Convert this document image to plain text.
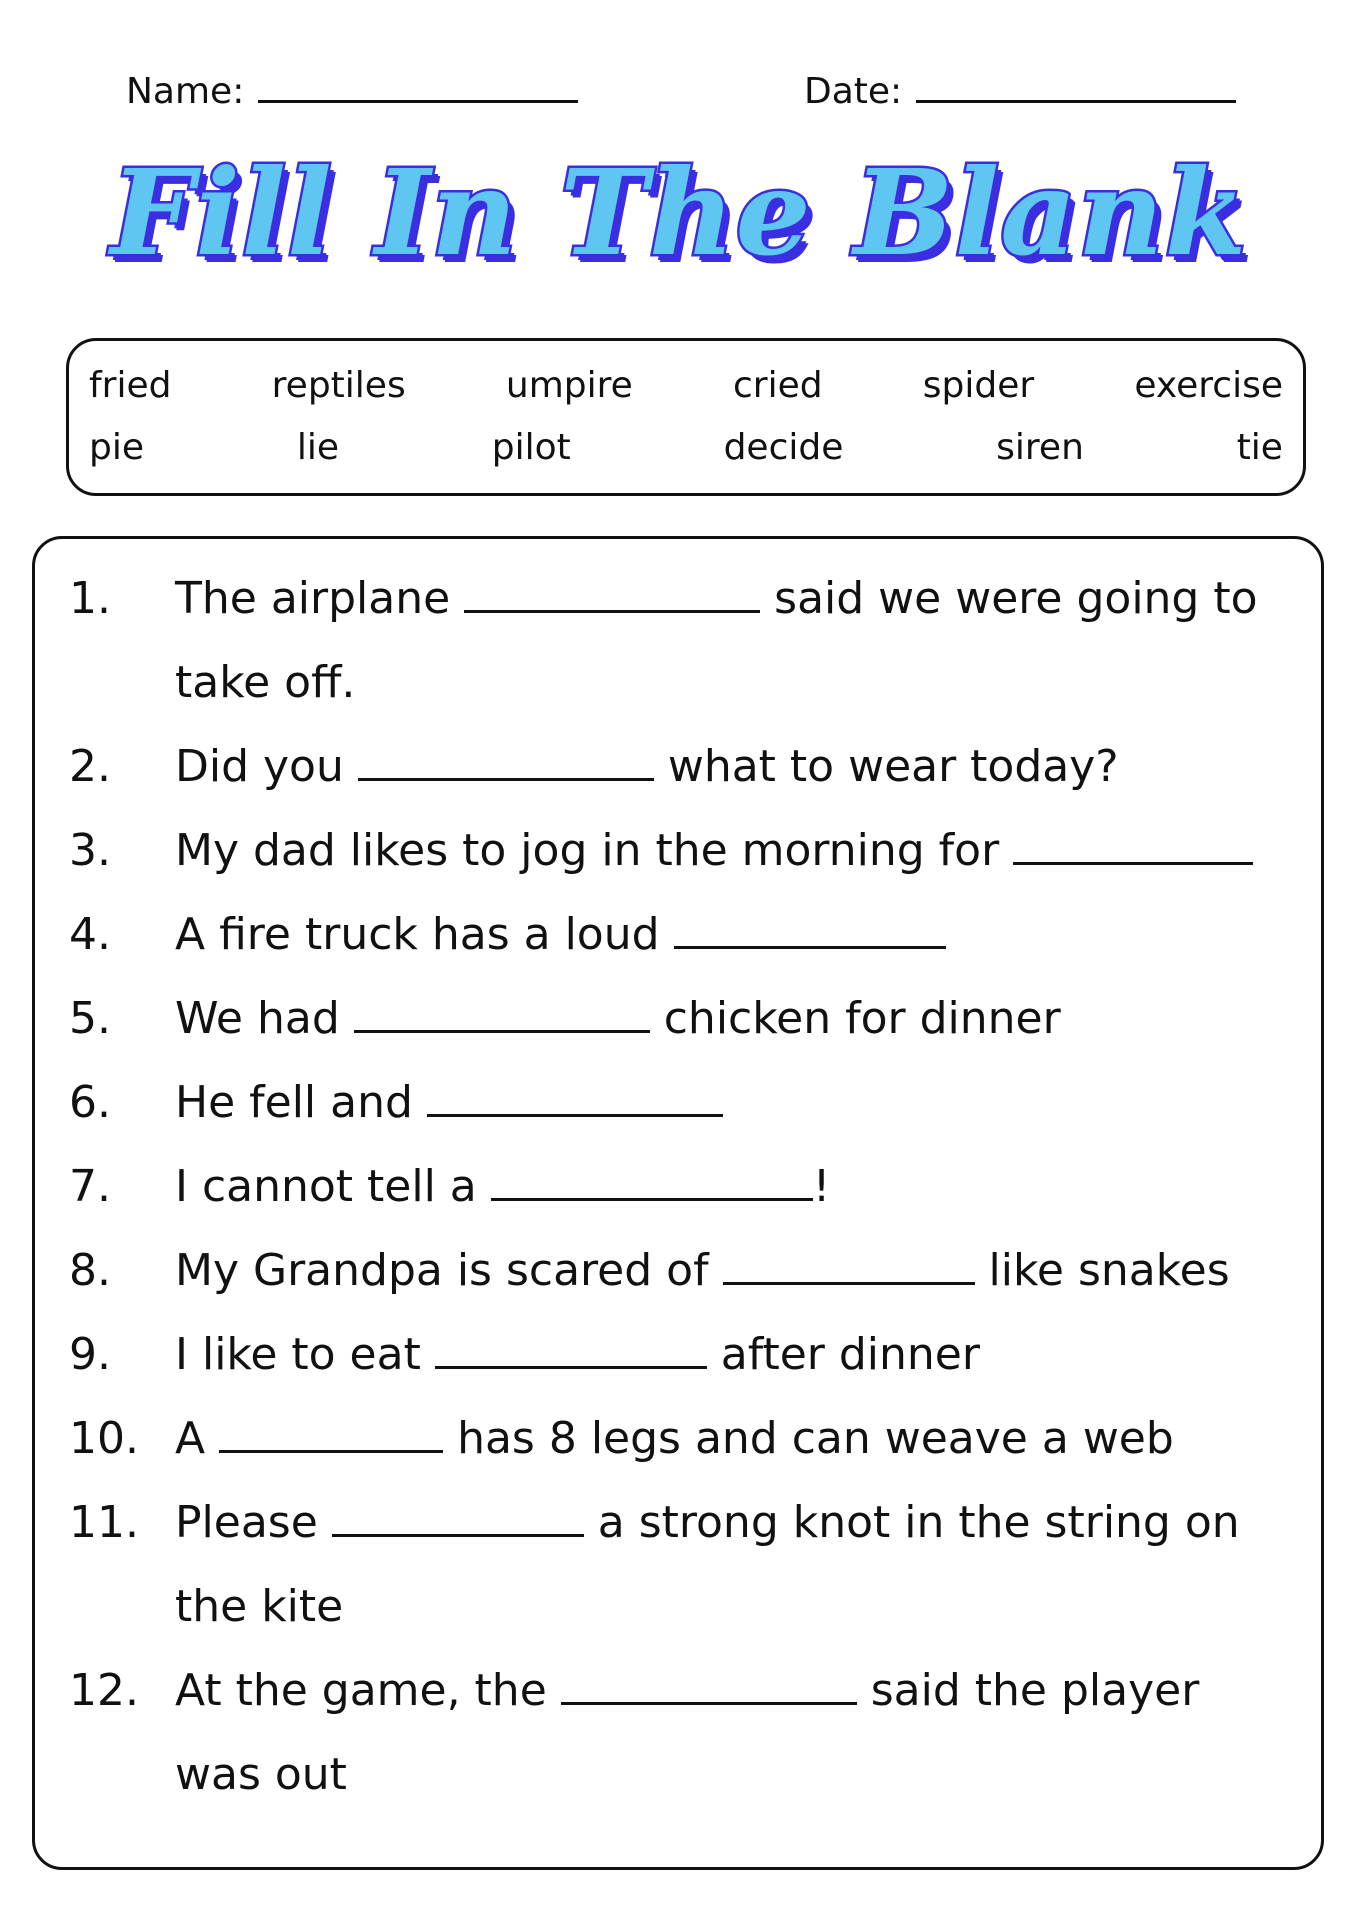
Name:	Date:
Fill In The Blank
fried	reptiles	umpire	cried	spider	exercise
pie	lie	pilot	decide	siren	tie
1. The airplane	said we were going to
take off.
2. Did you	what to wear today?
3. My dad likes to jog in the morning for
4. A fire truck has a loud
5. We had	chicken for dinner
6. He fell and
7. I cannot tell a	!
8. My Grandpa is scared of	like snakes
9. I like to eat	after dinner
10. A	has 8 legs and can weave a web
11. Please	a strong knot in the string on
the kite
12. At the game, the	said the player
was out
